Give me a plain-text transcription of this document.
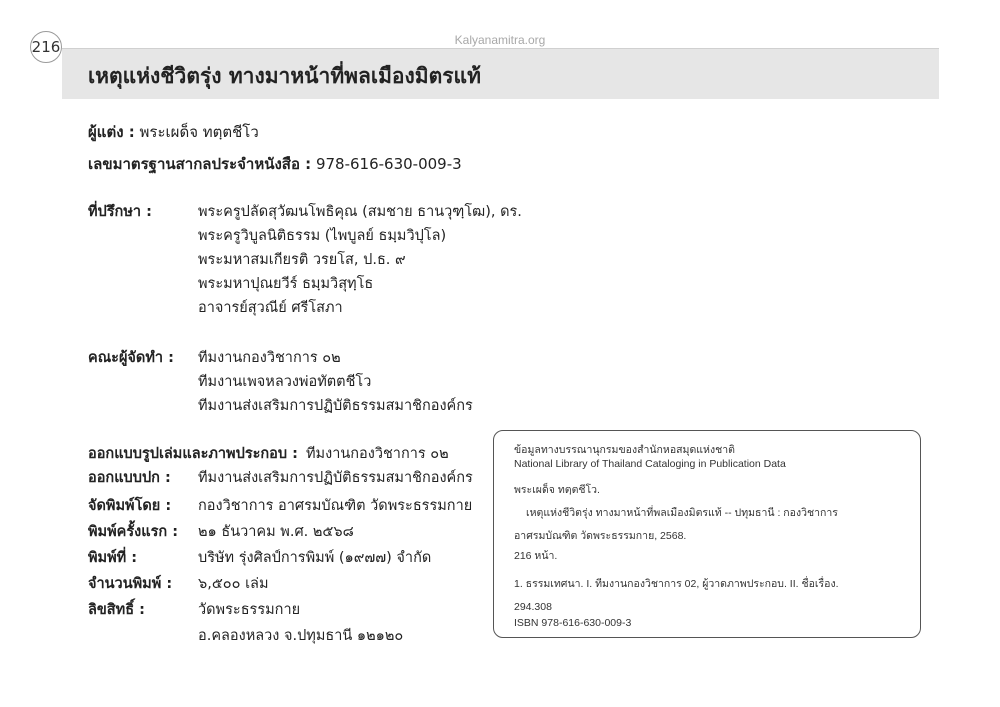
216	Kalyanamitra.org
เหตุแห่งชีวิตรุ่ง ทางมาหน้าที่พลเมืองมิตรแท้
ผู้แต่ง : พระเผด็จ ทตฺตชีโว
เลขมาตรฐานสากลประจำหนังสือ : 978-616-630-009-3
ที่ปรึกษา :	พระครูปลัดสุวัฒนโพธิคุณ (สมชาย ธานวุฑฺโฒ), ดร.
พระครูวิบูลนิติธรรม (ไพบูลย์ ธมฺมวิปุโล)
พระมหาสมเกียรติ วรยโส, ป.ธ. ๙
พระมหาปุณยวีร์ ธมฺมวิสุทฺโธ
อาจารย์สุวณีย์ ศรีโสภา
คณะผู้จัดทำ : ทีมงานกองวิชาการ ๐๒
ทีมงานเพจหลวงพ่อทัตตชีโว
ทีมงานส่งเสริมการปฏิบัติธรรมสมาชิกองค์กร
ออกแบบรูปเล่มและภาพประกอบ : ทีมงานกองวิชาการ ๐๒
ออกแบบปก : ทีมงานส่งเสริมการปฏิบัติธรรมสมาชิกองค์กร
จัดพิมพ์โดย : กองวิชาการ อาศรมบัณฑิต วัดพระธรรมกาย
พิมพ์ครั้งแรก : ๒๑ ธันวาคม พ.ศ. ๒๕๖๘
พิมพ์ที่ :	บริษัท รุ่งศิลป์การพิมพ์ (๑๙๗๗) จำกัด
จำนวนพิมพ์ : ๖,๕๐๐ เล่ม
ลิขสิทธิ์ :	วัดพระธรรมกาย
อ.คลองหลวง จ.ปทุมธานี ๑๒๑๒๐
ข้อมูลทางบรรณานุกรมของสำนักหอสมุดแห่งชาติ
National Library of Thailand Cataloging in Publication Data
พระเผด็จ ทตฺตชีโว.
เหตุแห่งชีวิตรุ่ง ทางมาหน้าที่พลเมืองมิตรแท้ -- ปทุมธานี : กองวิชาการ
อาศรมบัณฑิต วัดพระธรรมกาย, 2568.
216 หน้า.
1. ธรรมเทศนา. I. ทีมงานกองวิชาการ 02, ผู้วาดภาพประกอบ. II. ชื่อเรื่อง.
294.308
ISBN 978-616-630-009-3
